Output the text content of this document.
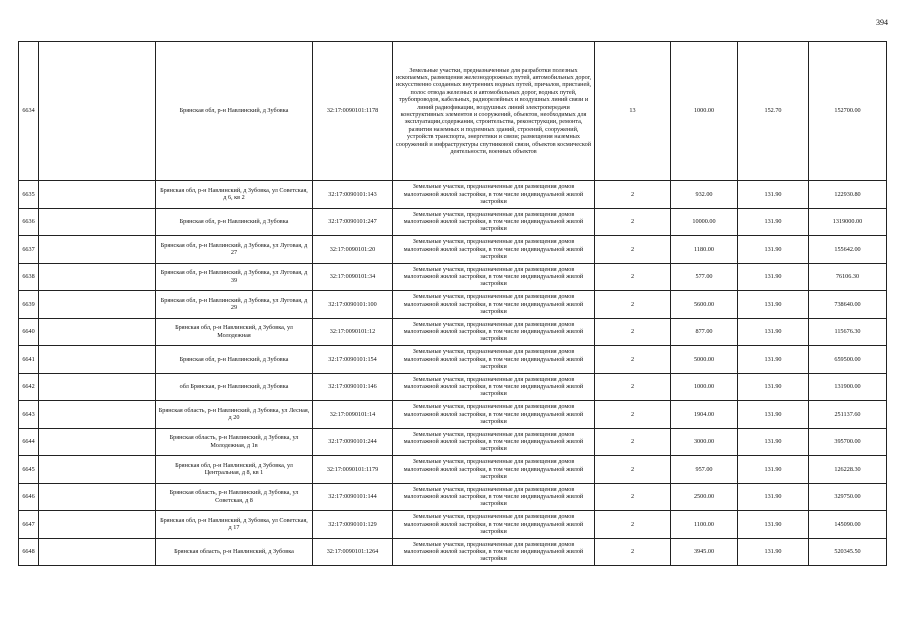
394
6634		Брянская обл, р-н Навлинский, д Зубовка	32:17:0090101:1178	Земельные участки, предназначенные для разработки полезных ископаемых, размещения железнодорожных путей, автомобильных дорог, искусственно созданных внутренних водных путей, причалов, пристаней, полос отвода железных и автомобильных дорог, водных путей, трубопроводов, кабельных, радиорелейных и воздушных линий связи и линий радиофикации, воздушных линий электропередачи конструктивных элементов и сооружений, объектов, необходимых для эксплуатации,содержания, строительства, реконструкции, ремонта, развития наземных и подземных зданий, строений, сооружений, устройств транспорта, энергетики и связи; размещения наземных сооружений и инфраструктуры спутниковой связи, объектов космической деятельности, военных объектов	13	1000.00	152.70	152700.00
6635		Брянская обл, р-н Навлинский, д Зубовка, ул Советская, д 6, кв 2	32:17:0090101:143	Земельные участки, предназначенные для размещения домов малоэтажной жилой застройки, в том числе индивидуальной жилой застройки	2	932.00	131.90	122930.80
6636		Брянская обл, р-н Навлинский, д Зубовка	32:17:0090101:247	Земельные участки, предназначенные для размещения домов малоэтажной жилой застройки, в том числе индивидуальной жилой застройки	2	10000.00	131.90	1319000.00
6637		Брянская обл, р-н Навлинский, д Зубовка, ул Луговая, д 27	32:17:0090101:20	Земельные участки, предназначенные для размещения домов малоэтажной жилой застройки, в том числе индивидуальной жилой застройки	2	1180.00	131.90	155642.00
6638		Брянская обл, р-н Навлинский, д Зубовка, ул Луговая, д 39	32:17:0090101:34	Земельные участки, предназначенные для размещения домов малоэтажной жилой застройки, в том числе индивидуальной жилой застройки	2	577.00	131.90	76106.30
6639		Брянская обл, р-н Навлинский, д Зубовка, ул Луговая, д 29	32:17:0090101:100	Земельные участки, предназначенные для размещения домов малоэтажной жилой застройки, в том числе индивидуальной жилой застройки	2	5600.00	131.90	738640.00
6640		Брянская обл, р-н Навлинский, д Зубовка, ул Молодежная	32:17:0090101:12	Земельные участки, предназначенные для размещения домов малоэтажной жилой застройки, в том числе индивидуальной жилой застройки	2	877.00	131.90	115676.30
6641		Брянская обл, р-н Навлинский, д Зубовка	32:17:0090101:154	Земельные участки, предназначенные для размещения домов малоэтажной жилой застройки, в том числе индивидуальной жилой застройки	2	5000.00	131.90	659500.00
6642		обл Брянская, р-н Навлинский, д Зубовка	32:17:0090101:146	Земельные участки, предназначенные для размещения домов малоэтажной жилой застройки, в том числе индивидуальной жилой застройки	2	1000.00	131.90	131900.00
6643		Брянская область, р-н Навлинский, д Зубовка, ул Лесная, д 20	32:17:0090101:14	Земельные участки, предназначенные для размещения домов малоэтажной жилой застройки, в том числе индивидуальной жилой застройки	2	1904.00	131.90	251137.60
6644		Брянская область, р-н Навлинский, д Зубовка, ул Молодежная, д 1в	32:17:0090101:244	Земельные участки, предназначенные для размещения домов малоэтажной жилой застройки, в том числе индивидуальной жилой застройки	2	3000.00	131.90	395700.00
6645		Брянская обл, р-н Навлинский, д Зубовка, ул Центральная, д 8, кв 1	32:17:0090101:1179	Земельные участки, предназначенные для размещения домов малоэтажной жилой застройки, в том числе индивидуальной жилой застройки	2	957.00	131.90	126228.30
6646		Брянская область, р-н Навлинский, д Зубовка, ул Советская, д 8	32:17:0090101:144	Земельные участки, предназначенные для размещения домов малоэтажной жилой застройки, в том числе индивидуальной жилой застройки	2	2500.00	131.90	329750.00
6647		Брянская обл, р-н Навлинский, д Зубовка, ул Советская, д 17	32:17:0090101:129	Земельные участки, предназначенные для размещения домов малоэтажной жилой застройки, в том числе индивидуальной жилой застройки	2	1100.00	131.90	145090.00
6648		Брянская область, р-н Навлинский, д Зубовка	32:17:0090101:1264	Земельные участки, предназначенные для размещения домов малоэтажной жилой застройки, в том числе индивидуальной жилой застройки	2	3945.00	131.90	520345.50
